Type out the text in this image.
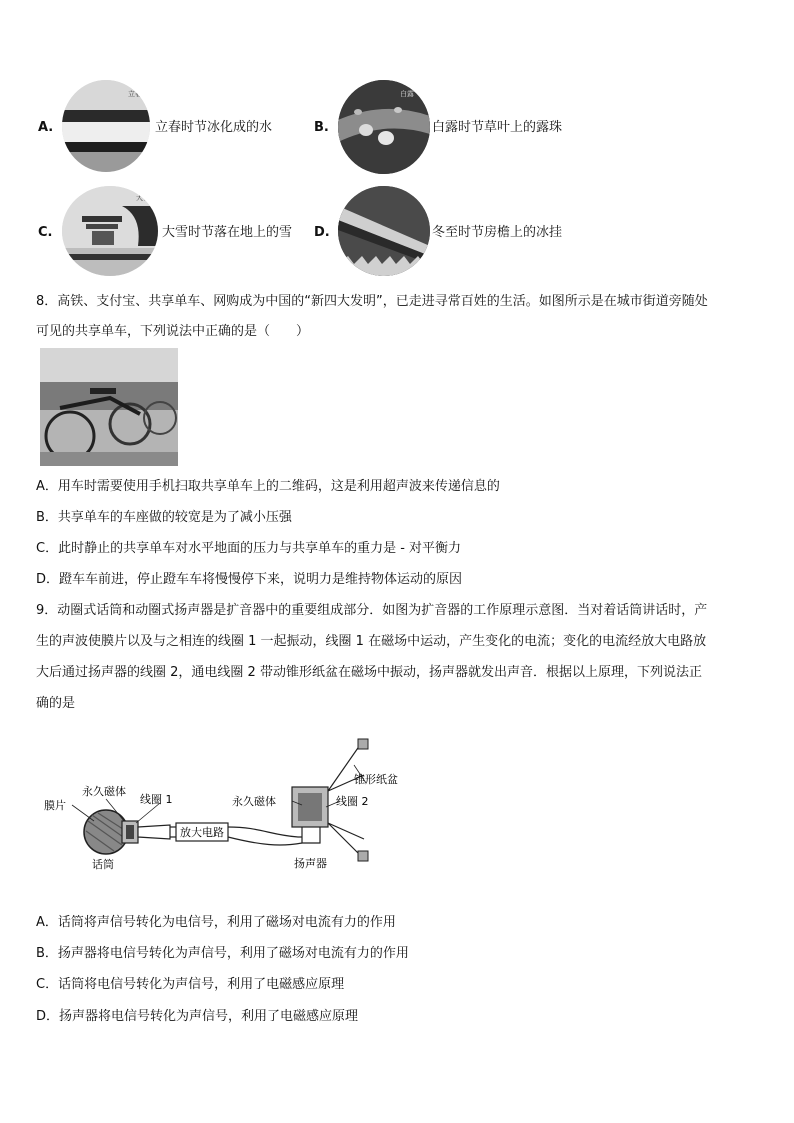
A.
立春
立春时节冰化成的水	B.
白露
白露时节草叶上的露珠
C.
大雪
大雪时节落在地上的雪 D.	冬至时节房檐上的冰挂
8．高铁、支付宝、共享单车、网购成为中国的“新四大发明”，已走进寻常百姓的生活。如图所示是在城市街道旁随处
可见的共享单车，下列说法中正确的是（　　）
A．用车时需要使用手机扫取共享单车上的二维码，这是利用超声波来传递信息的
B．共享单车的车座做的较宽是为了减小压强
C．此时静止的共享单车对水平地面的压力与共享单车的重力是 - 对平衡力
D．蹬车车前进，停止蹬车车将慢慢停下来，说明力是维持物体运动的原因
9．动圈式话筒和动圈式扬声器是扩音器中的重要组成部分．如图为扩音器的工作原理示意图．当对着话筒讲话时，产
生的声波使膜片以及与之相连的线圈 1 一起振动，线圈 1 在磁场中运动，产生变化的电流；变化的电流经放大电路放
大后通过扬声器的线圈 2，通电线圈 2 带动锥形纸盆在磁场中振动，扬声器就发出声音．根据以上原理，下列说法正
确的是
放大电路
永久磁体
线圈 1
膜片
话筒
永久磁体	线圈 2
锥形纸盆
扬声器
A．话筒将声信号转化为电信号，利用了磁场对电流有力的作用
B．扬声器将电信号转化为声信号，利用了磁场对电流有力的作用
C．话筒将电信号转化为声信号，利用了电磁感应原理
D．扬声器将电信号转化为声信号，利用了电磁感应原理
